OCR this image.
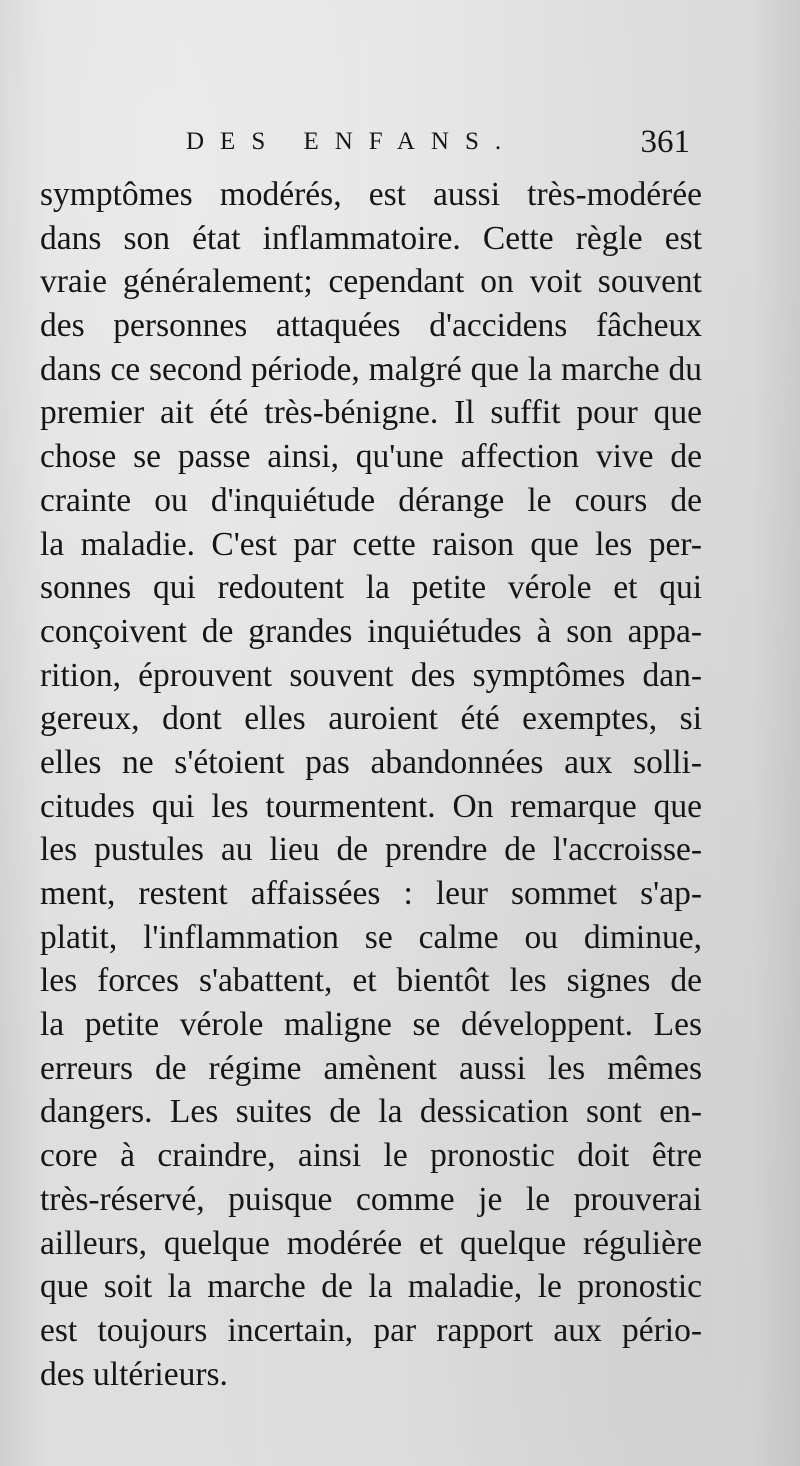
DES ENFANS.	361
symptômes modérés, est aussi très-modérée
dans son état inflammatoire. Cette règle est
vraie généralement; cependant on voit souvent
des personnes attaquées d'accidens fâcheux
dans ce second période, malgré que la marche du
premier ait été très-bénigne. Il suffit pour que
chose se passe ainsi, qu'une affection vive de
crainte ou d'inquiétude dérange le cours de
la maladie. C'est par cette raison que les per-
sonnes qui redoutent la petite vérole et qui
conçoivent de grandes inquiétudes à son appa-
rition, éprouvent souvent des symptômes dan-
gereux, dont elles auroient été exemptes, si
elles ne s'étoient pas abandonnées aux solli-
citudes qui les tourmentent. On remarque que
les pustules au lieu de prendre de l'accroisse-
ment, restent affaissées : leur sommet s'ap-
platit, l'inflammation se calme ou diminue,
les forces s'abattent, et bientôt les signes de
la petite vérole maligne se développent. Les
erreurs de régime amènent aussi les mêmes
dangers. Les suites de la dessication sont en-
core à craindre, ainsi le pronostic doit être
très-réservé, puisque comme je le prouverai
ailleurs, quelque modérée et quelque régulière
que soit la marche de la maladie, le pronostic
est toujours incertain, par rapport aux pério-
des ultérieurs.
